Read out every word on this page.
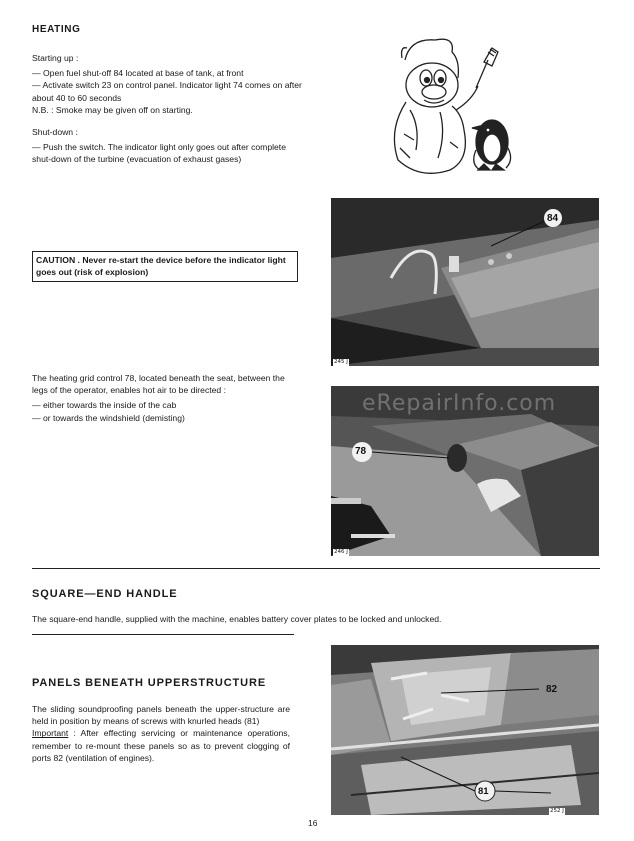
HEATING

Starting up :

— Open fuel shut-off 84 located at base of tank, at front

— Activate switch 23 on control panel. Indicator light 74 comes on after about 40 to 60 seconds

N.B. : Smoke may be given off on starting.

Shut-down :

— Push the switch. The indicator light only goes out after complete shut-down of the turbine (evacuation of exhaust gases)

84
245 J
CAUTION . Never re-start the device before the indicator light goes out (risk of explosion)

The heating grid control 78, located beneath the seat, between the legs of the operator, enables hot air to be directed :

— either towards the inside of the cab
— or towards the windshield (demisting)
78
246 J
eRepairInfo.com
SQUARE—END HANDLE
The square-end handle, supplied with the machine, enables battery cover plates to be locked and unlocked.
PANELS BENEATH UPPERSTRUCTURE

The sliding soundproofing panels beneath the upper-structure are held in position by means of screws with knurled heads (81)

Important : After effecting servicing or maintenance operations, remember to re-mount these panels so as to prevent clogging of ports 82 (ventilation of engines).

82
81
252 J
16
